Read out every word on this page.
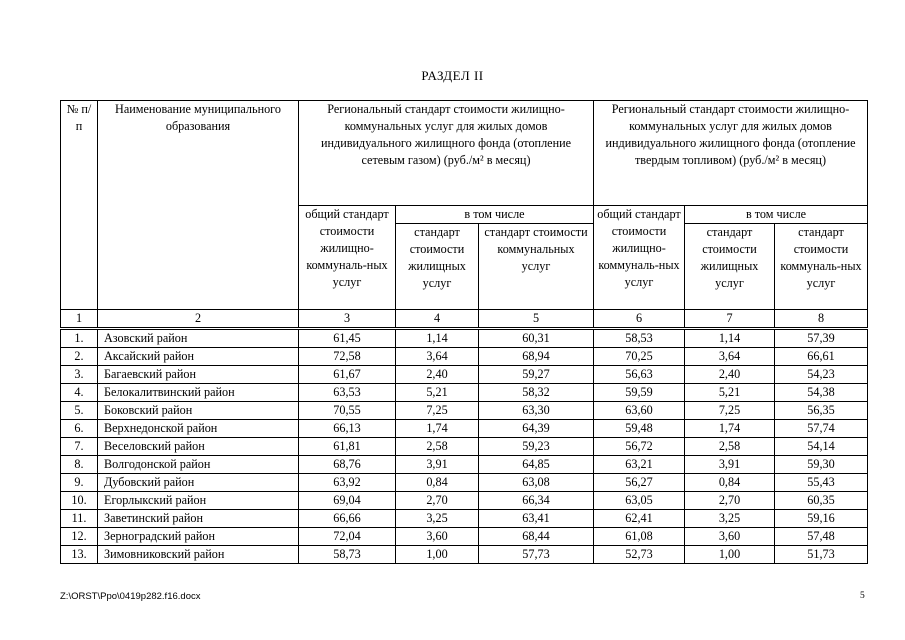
РАЗДЕЛ II
№ п/п	Наименование муниципального образования	Региональный стандарт стоимости жилищно-коммунальных услуг для жилых домов индивидуального жилищного фонда (отопление сетевым газом) (руб./м² в месяц)			Региональный стандарт стоимости жилищно-коммунальных услуг для жилых домов индивидуального жилищного фонда (отопление твердым топливом) (руб./м² в месяц)		
		общий стандарт стоимости жилищно-коммуналь-ных услуг	в том числе		общий стандарт стоимости жилищно-коммуналь-ных услуг	в том числе	
			стандарт стоимости жилищных услуг	стандарт стоимости коммунальных услуг		стандарт стоимости жилищных услуг	стандарт стоимости коммуналь-ных услуг
1	2	3	4	5	6	7	8
1.	Азовский район	61,45	1,14	60,31	58,53	1,14	57,39
2.	Аксайский район	72,58	3,64	68,94	70,25	3,64	66,61
3.	Багаевский район	61,67	2,40	59,27	56,63	2,40	54,23
4.	Белокалитвинский район	63,53	5,21	58,32	59,59	5,21	54,38
5.	Боковский район	70,55	7,25	63,30	63,60	7,25	56,35
6.	Верхнедонской район	66,13	1,74	64,39	59,48	1,74	57,74
7.	Веселовский район	61,81	2,58	59,23	56,72	2,58	54,14
8.	Волгодонской район	68,76	3,91	64,85	63,21	3,91	59,30
9.	Дубовский район	63,92	0,84	63,08	56,27	0,84	55,43
10.	Егорлыкский район	69,04	2,70	66,34	63,05	2,70	60,35
11.	Заветинский район	66,66	3,25	63,41	62,41	3,25	59,16
12.	Зерноградский район	72,04	3,60	68,44	61,08	3,60	57,48
13.	Зимовниковский район	58,73	1,00	57,73	52,73	1,00	51,73
Z:\ORST\Ppo\0419p282.f16.docx	5
